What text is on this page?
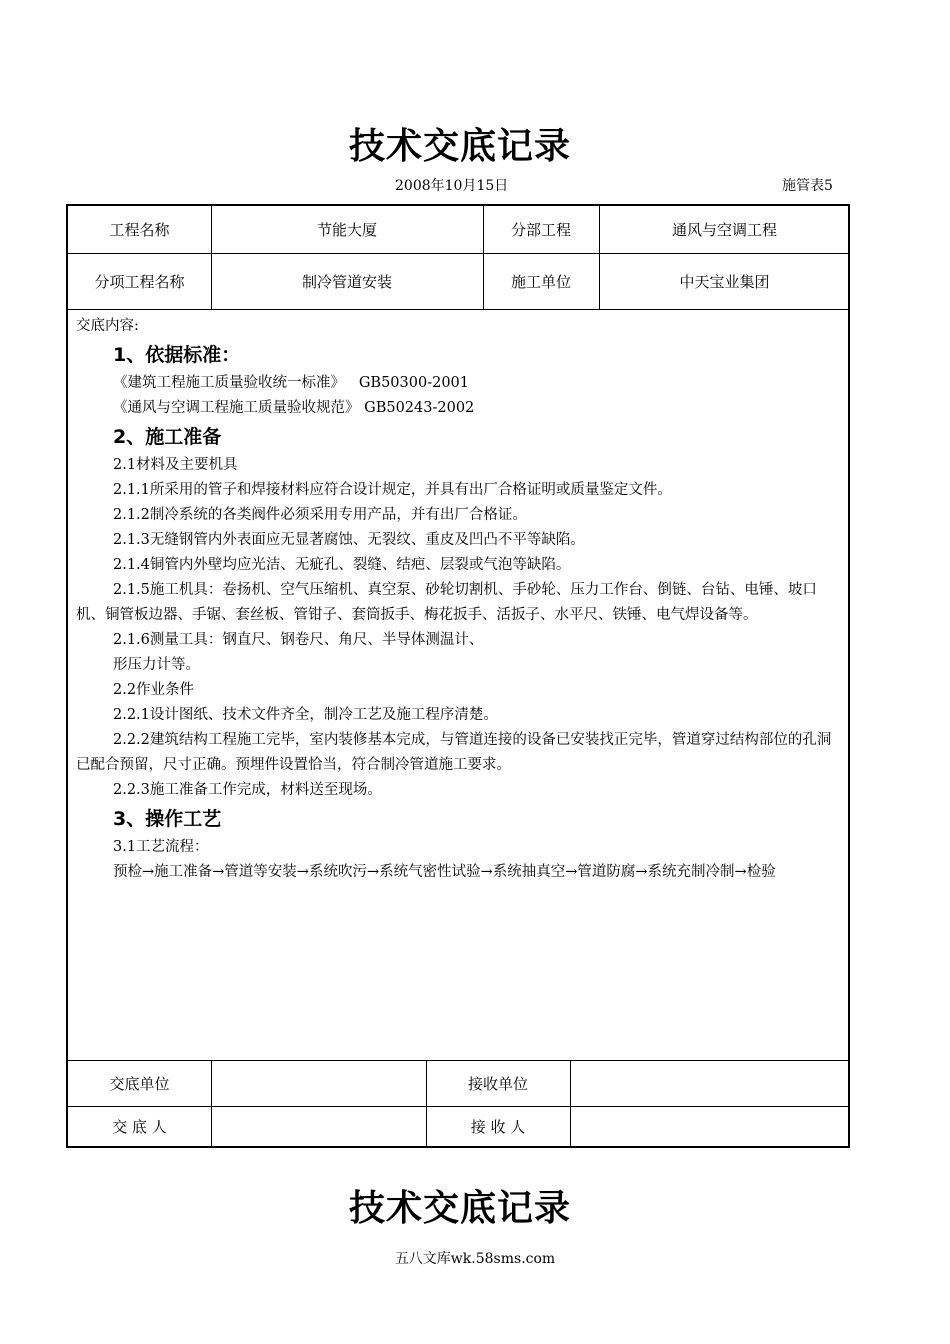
技术交底记录
2008年10月15日	施管表5
工程名称	节能大厦	分部工程	通风与空调工程
分项工程名称	制冷管道安装	施工单位	中天宝业集团

交底内容:

1、依据标准：

《建筑工程施工质量验收统一标准》   GB50300-2001

《通风与空调工程施工质量验收规范》 GB50243-2002

2、施工准备

2.1材料及主要机具

2.1.1所采用的管子和焊接材料应符合设计规定，并具有出厂合格证明或质量鉴定文件。

2.1.2制冷系统的各类阀件必须采用专用产品，并有出厂合格证。

2.1.3无缝钢管内外表面应无显著腐蚀、无裂纹、重皮及凹凸不平等缺陷。

2.1.4铜管内外壁均应光洁、无疵孔、裂缝、结疤、层裂或气泡等缺陷。

2.1.5施工机具：卷扬机、空气压缩机、真空泵、砂轮切割机、手砂轮、压力工作台、倒链、台钻、电锤、坡口机、铜管板边器、手锯、套丝板、管钳子、套筒扳手、梅花扳手、活扳子、水平尺、铁锤、电气焊设备等。

2.1.6测量工具：钢直尺、钢卷尺、角尺、半导体测温计、

形压力计等。

2.2作业条件

2.2.1设计图纸、技术文件齐全，制冷工艺及施工程序清楚。

2.2.2建筑结构工程施工完毕，室内装修基本完成，与管道连接的设备已安装找正完毕，管道穿过结构部位的孔洞已配合预留，尺寸正确。预埋件设置恰当，符合制冷管道施工要求。

2.2.3施工准备工作完成，材料送至现场。

3、操作工艺

3.1工艺流程：

预检→施工准备→管道等安装→系统吹污→系统气密性试验→系统抽真空→管道防腐→系统充制冷制→检验

交底单位	接收单位
交 底 人	接 收 人
技术交底记录
五八文库wk.58sms.com
